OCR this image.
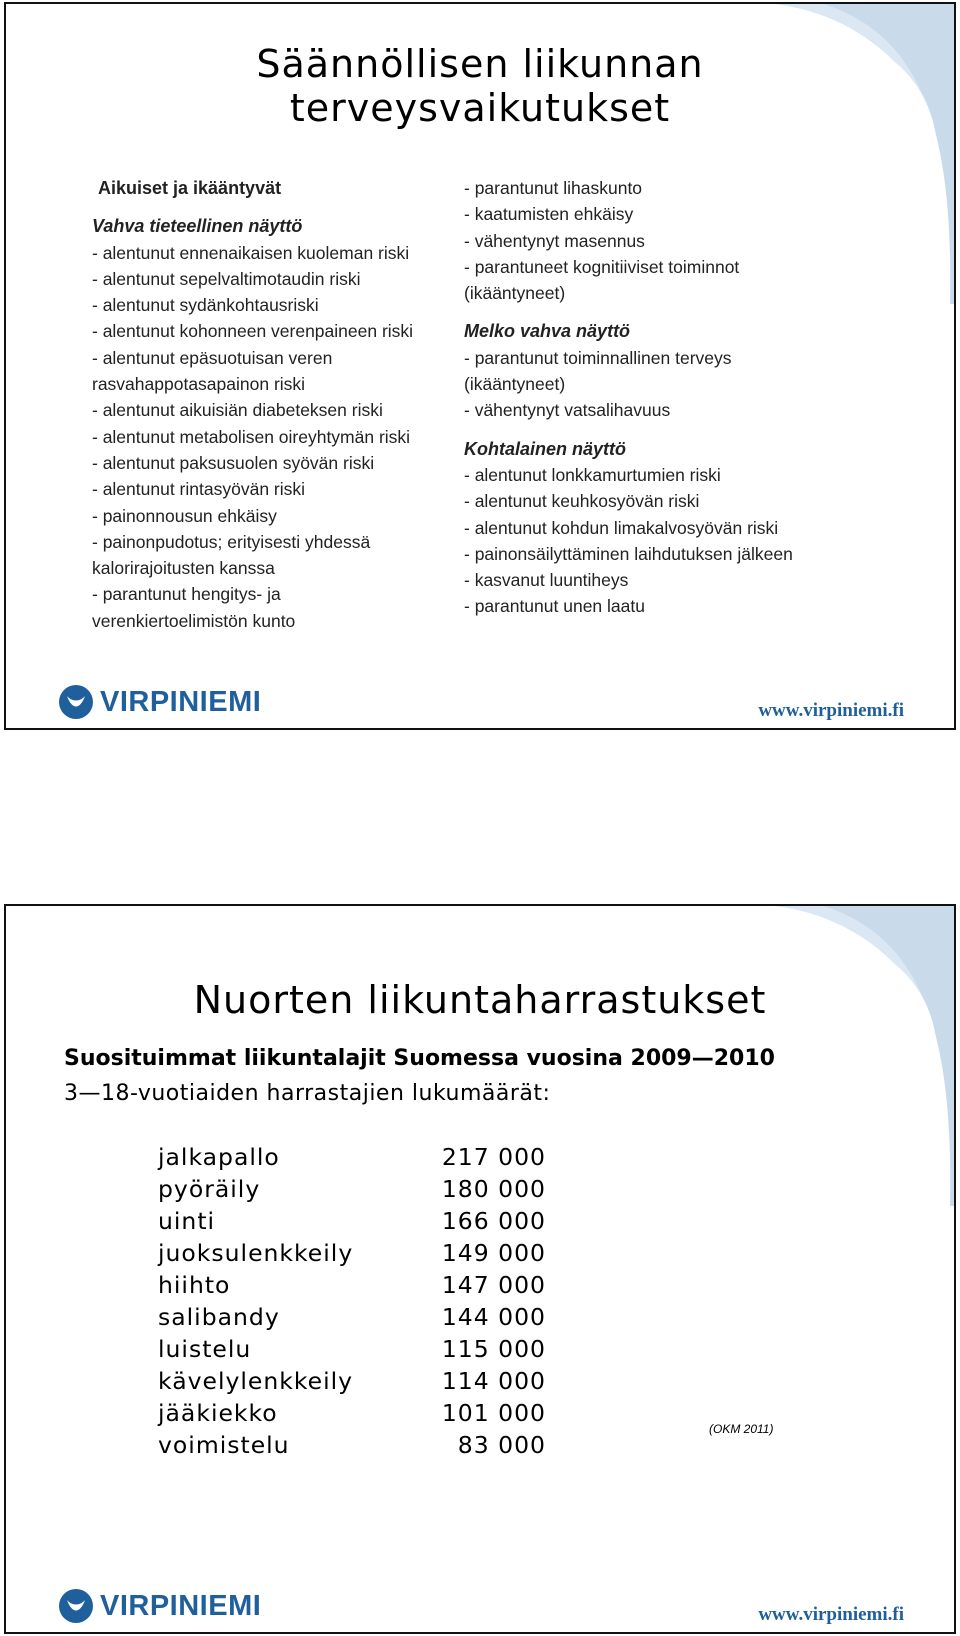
Säännöllisen liikunnan
terveysvaikutukset
Aikuiset ja ikääntyvät
Vahva tieteellinen näyttö
- alentunut ennenaikaisen kuoleman riski
- alentunut sepelvaltimotaudin riski
- alentunut sydänkohtausriski
- alentunut kohonneen verenpaineen riski
- alentunut epäsuotuisan veren
rasvahappotasapainon riski
- alentunut aikuisiän diabeteksen riski
- alentunut metabolisen oireyhtymän riski
- alentunut paksusuolen syövän riski
- alentunut rintasyövän riski
- painonnousun ehkäisy
- painonpudotus; erityisesti yhdessä
kalorirajoitusten kanssa
- parantunut hengitys- ja
verenkiertoelimistön kunto
- parantunut lihaskunto
- kaatumisten ehkäisy
- vähentynyt masennus
- parantuneet kognitiiviset toiminnot
(ikääntyneet)
Melko vahva näyttö
- parantunut toiminnallinen terveys
(ikääntyneet)
- vähentynyt vatsalihavuus
Kohtalainen näyttö
- alentunut lonkkamurtumien riski
- alentunut keuhkosyövän riski
- alentunut kohdun limakalvosyövän riski
- painonsäilyttäminen laihdutuksen jälkeen
- kasvanut luuntiheys
- parantunut unen laatu
VIRPINIEMI	www.virpiniemi.fi
Nuorten liikuntaharrastukset
Suosituimmat liikuntalajit Suomessa vuosina 2009—2010
3—18-vuotiaiden harrastajien lukumäärät:
jalkapallo	217 000
pyöräily	180 000
uinti	166 000
juoksulenkkeily	149 000
hiihto	147 000
salibandy	144 000
luistelu	115 000
kävelylenkkeily	114 000
jääkiekko	101 000
voimistelu	83 000
(OKM 2011)
VIRPINIEMI	www.virpiniemi.fi
